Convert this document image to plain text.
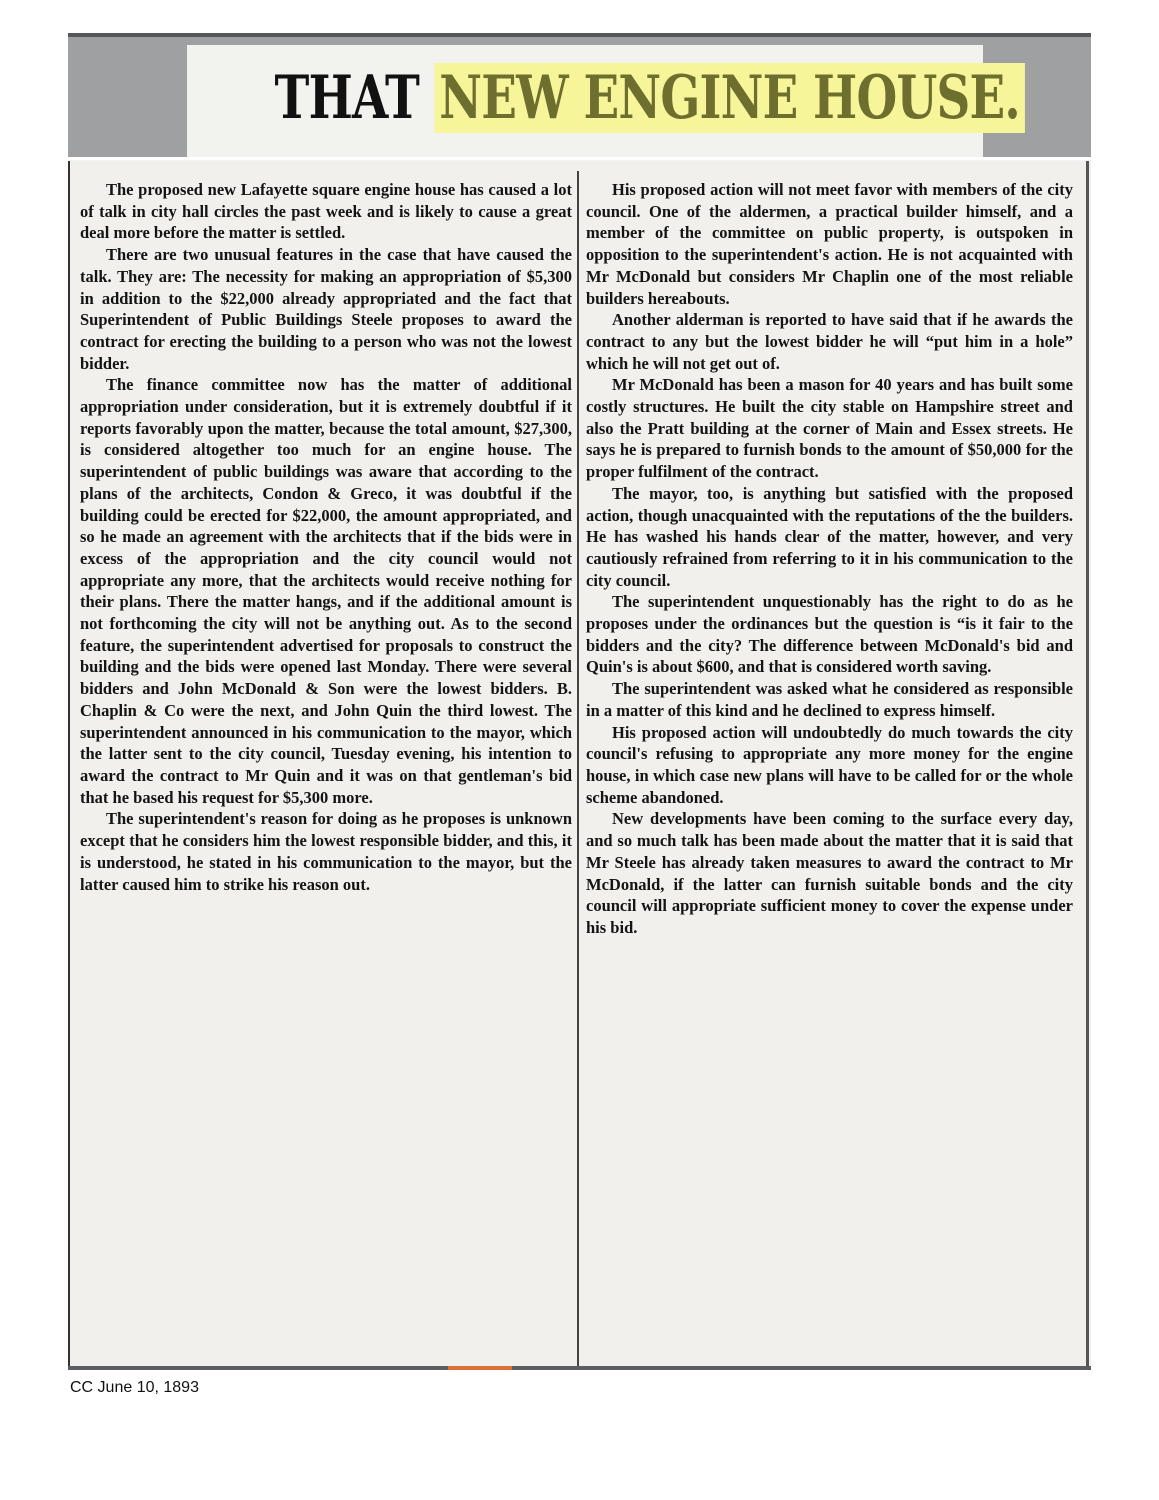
THAT NEW ENGINE HOUSE.

The proposed new Lafayette square engine house has caused a lot of talk in city hall circles the past week and is likely to cause a great deal more before the matter is settled.

There are two unusual features in the case that have caused the talk. They are: The necessity for making an appropriation of $5,300 in addition to the $22,000 already appropriated and the fact that Superintendent of Public Buildings Steele proposes to award the contract for erecting the building to a person who was not the lowest bidder.

The finance committee now has the matter of additional appropriation under consideration, but it is extremely doubtful if it reports favorably upon the matter, because the total amount, $27,300, is considered altogether too much for an engine house. The superintendent of public buildings was aware that according to the plans of the architects, Condon & Greco, it was doubtful if the building could be erected for $22,000, the amount appropriated, and so he made an agreement with the architects that if the bids were in excess of the appropriation and the city council would not appropriate any more, that the architects would receive nothing for their plans. There the matter hangs, and if the additional amount is not forthcoming the city will not be anything out. As to the second feature, the superintendent advertised for proposals to construct the building and the bids were opened last Monday. There were several bidders and John McDonald & Son were the lowest bidders. B. Chaplin & Co were the next, and John Quin the third lowest. The superintendent announced in his communication to the mayor, which the latter sent to the city council, Tuesday evening, his intention to award the contract to Mr Quin and it was on that gentleman's bid that he based his request for $5,300 more.

The superintendent's reason for doing as he proposes is unknown except that he considers him the lowest responsible bidder, and this, it is understood, he stated in his communication to the mayor, but the latter caused him to strike his reason out.

His proposed action will not meet favor with members of the city council. One of the aldermen, a practical builder himself, and a member of the committee on public property, is outspoken in opposition to the superintendent's action. He is not acquainted with Mr McDonald but considers Mr Chaplin one of the most reliable builders hereabouts.

Another alderman is reported to have said that if he awards the contract to any but the lowest bidder he will “put him in a hole” which he will not get out of.

Mr McDonald has been a mason for 40 years and has built some costly structures. He built the city stable on Hampshire street and also the Pratt building at the corner of Main and Essex streets. He says he is prepared to furnish bonds to the amount of $50,000 for the proper fulfilment of the contract.

The mayor, too, is anything but satisfied with the proposed action, though unacquainted with the reputations of the the builders. He has washed his hands clear of the matter, however, and very cautiously refrained from referring to it in his communication to the city council.

The superintendent unquestionably has the right to do as he proposes under the ordinances but the question is “is it fair to the bidders and the city? The difference between McDonald's bid and Quin's is about $600, and that is considered worth saving.

The superintendent was asked what he considered as responsible in a matter of this kind and he declined to express himself.

His proposed action will undoubtedly do much towards the city council's refusing to appropriate any more money for the engine house, in which case new plans will have to be called for or the whole scheme abandoned.

New developments have been coming to the surface every day, and so much talk has been made about the matter that it is said that Mr Steele has already taken measures to award the contract to Mr McDonald, if the latter can furnish suitable bonds and the city council will appropriate sufficient money to cover the expense under his bid.

CC June 10, 1893
